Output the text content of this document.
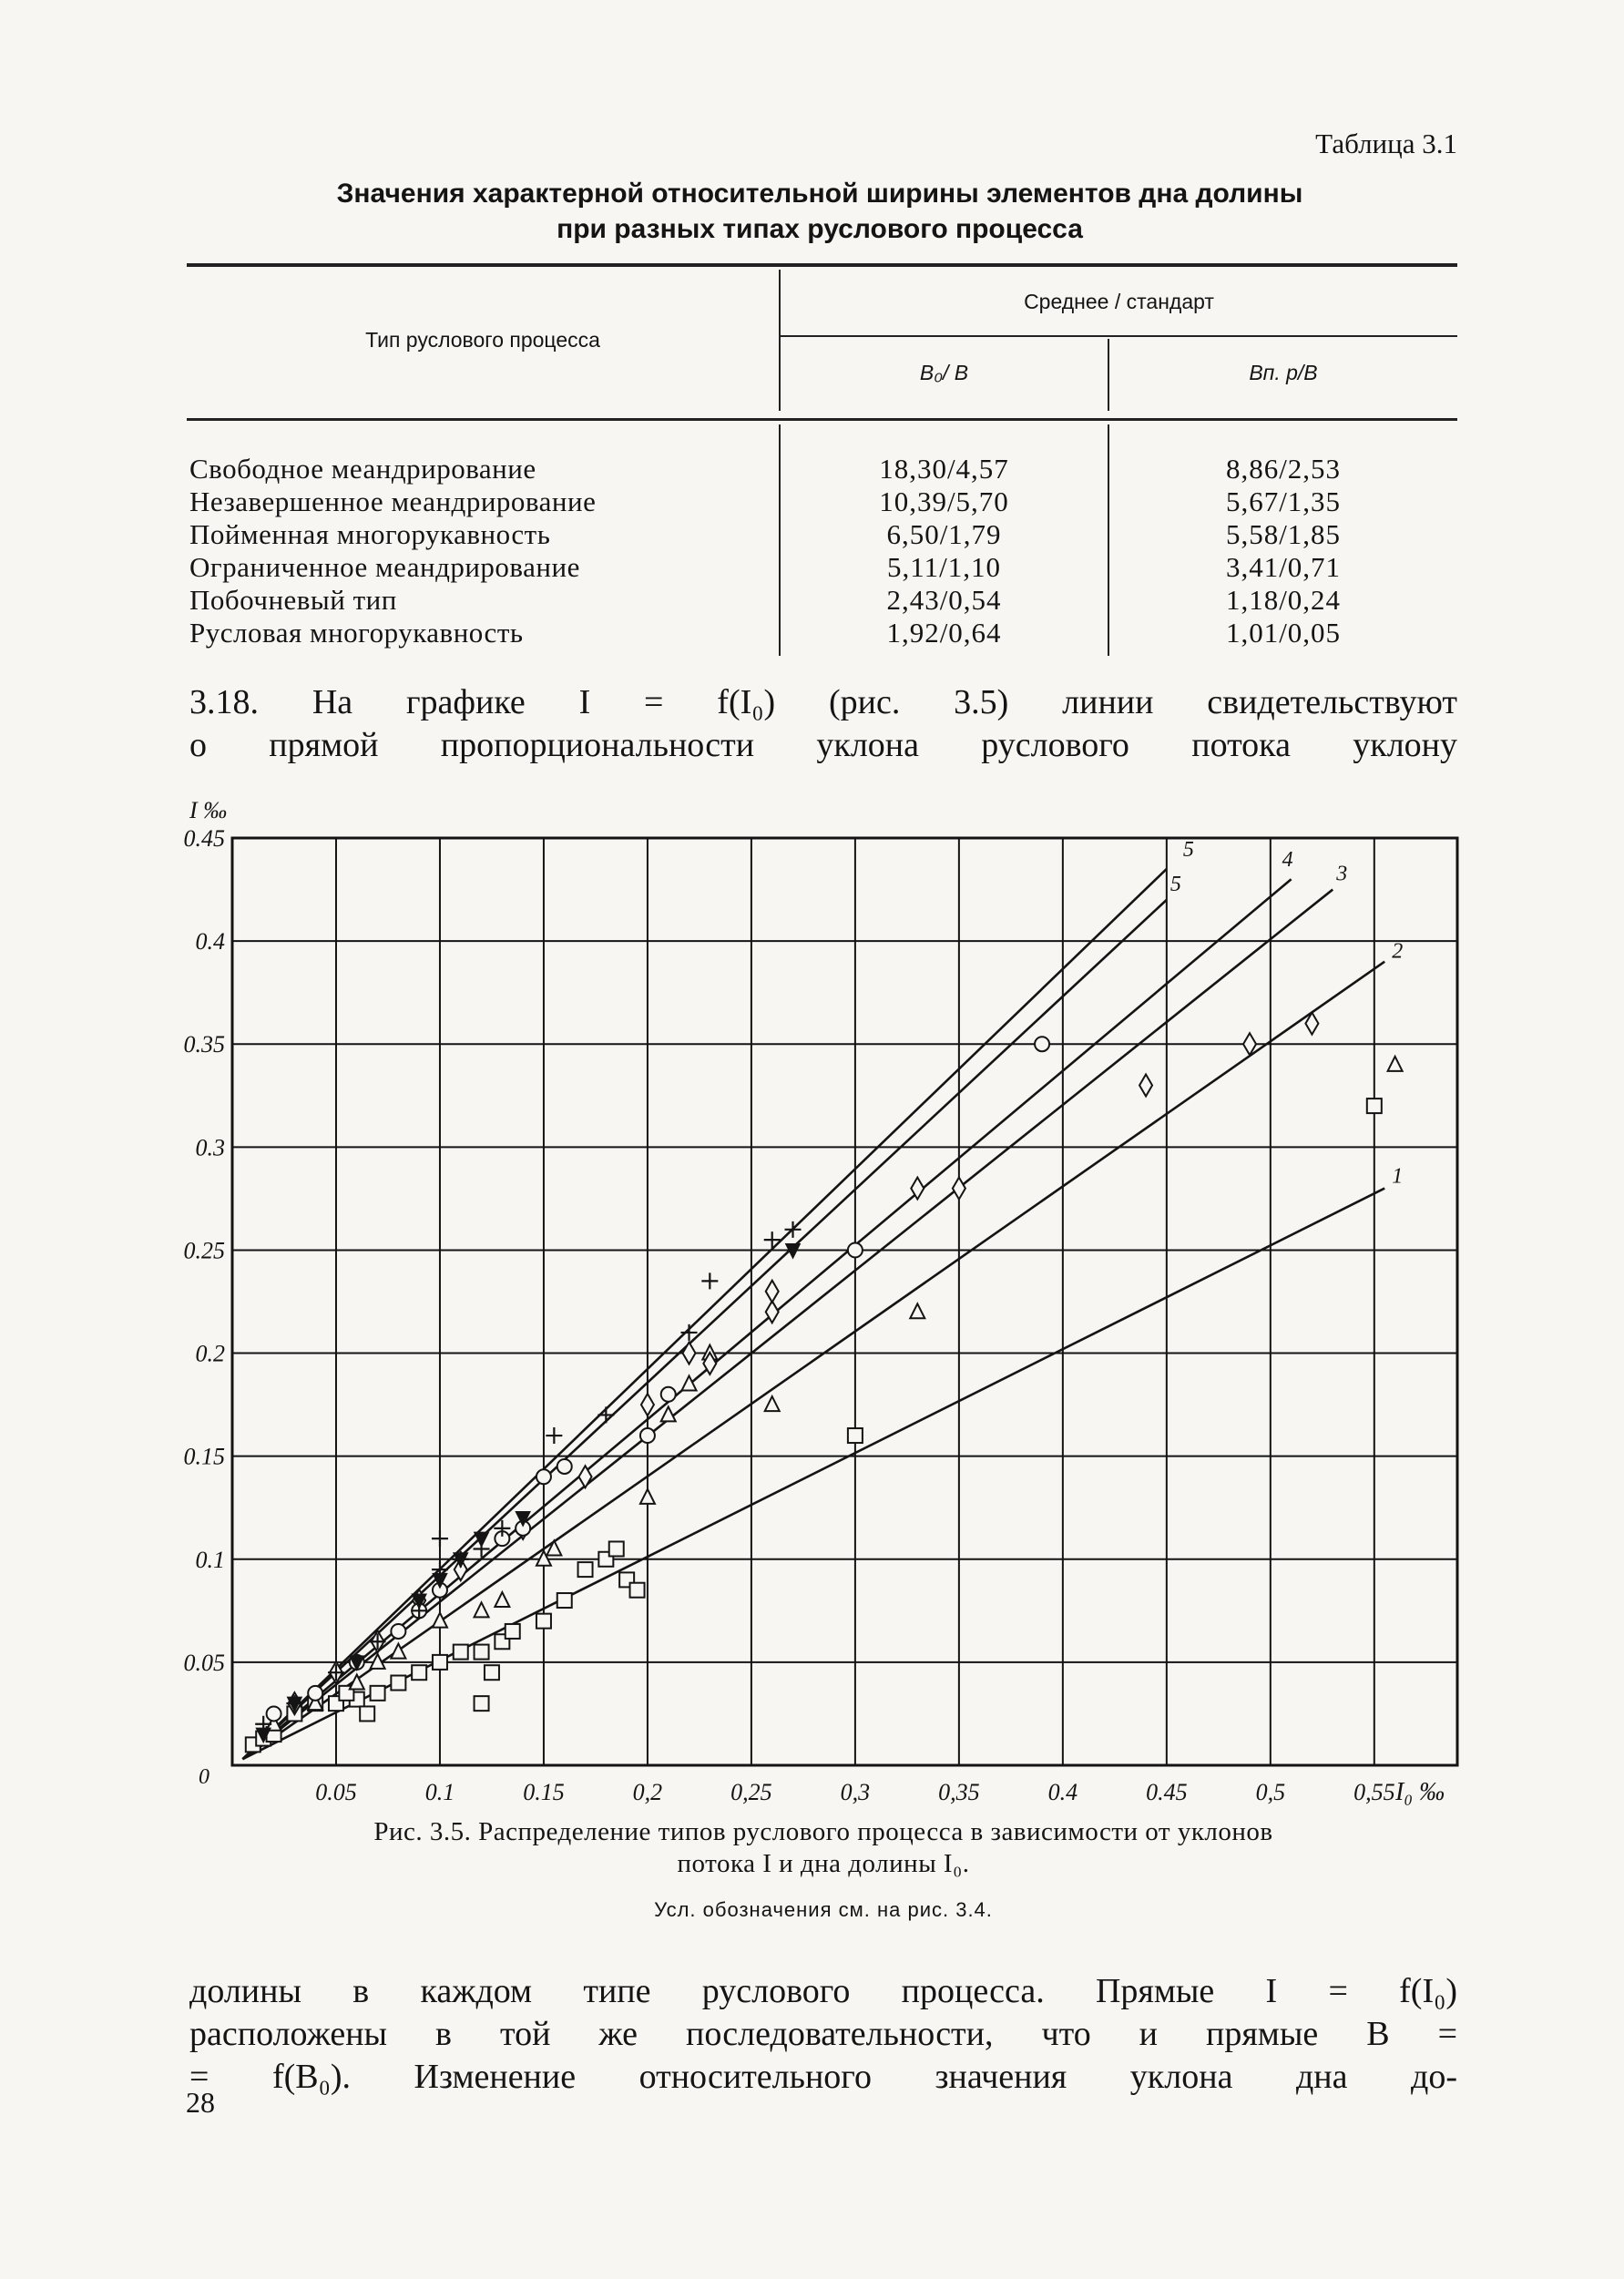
Таблица 3.1
Значения характерной относительной ширины элементов дна долины
при разных типах руслового процесса
Тип руслового процесса
Среднее / стандарт
B₀/ B	Bп. р/B
Свободное меандрирование	18,30/4,57	8,86/2,53
Незавершенное меандрирование	10,39/5,70	5,67/1,35
Пойменная многорукавность	6,50/1,79	5,58/1,85
Ограниченное меандрирование	5,11/1,10	3,41/0,71
Побочневый тип	2,43/0,54	1,18/0,24
Русловая многорукавность	1,92/0,64	1,01/0,05

3.18. На графике I = f(I₀) (рис. 3.5) линии свидетельствуют
о прямой пропорциональности уклона руслового потока уклону

0.05	0.1	0.15	0,2	0,25	0,3	0,35	0.4	0.45	0,5	0,55
0.05
0.1
0.15
0.2
0.25
0.3
0.35
0.4
0.45
0
I ‰
I₀ ‰
1
2
3
4
5
5
Рис. 3.5. Распределение типов руслового процесса в зависимости от уклонов
потока I и дна долины I₀.
Усл. обозначения см. на рис. 3.4.

долины в каждом типе руслового процесса. Прямые I = f(I₀)
расположены в той же последовательности, что и прямые B =
= f(B₀). Изменение относительного значения уклона дна до-

28
